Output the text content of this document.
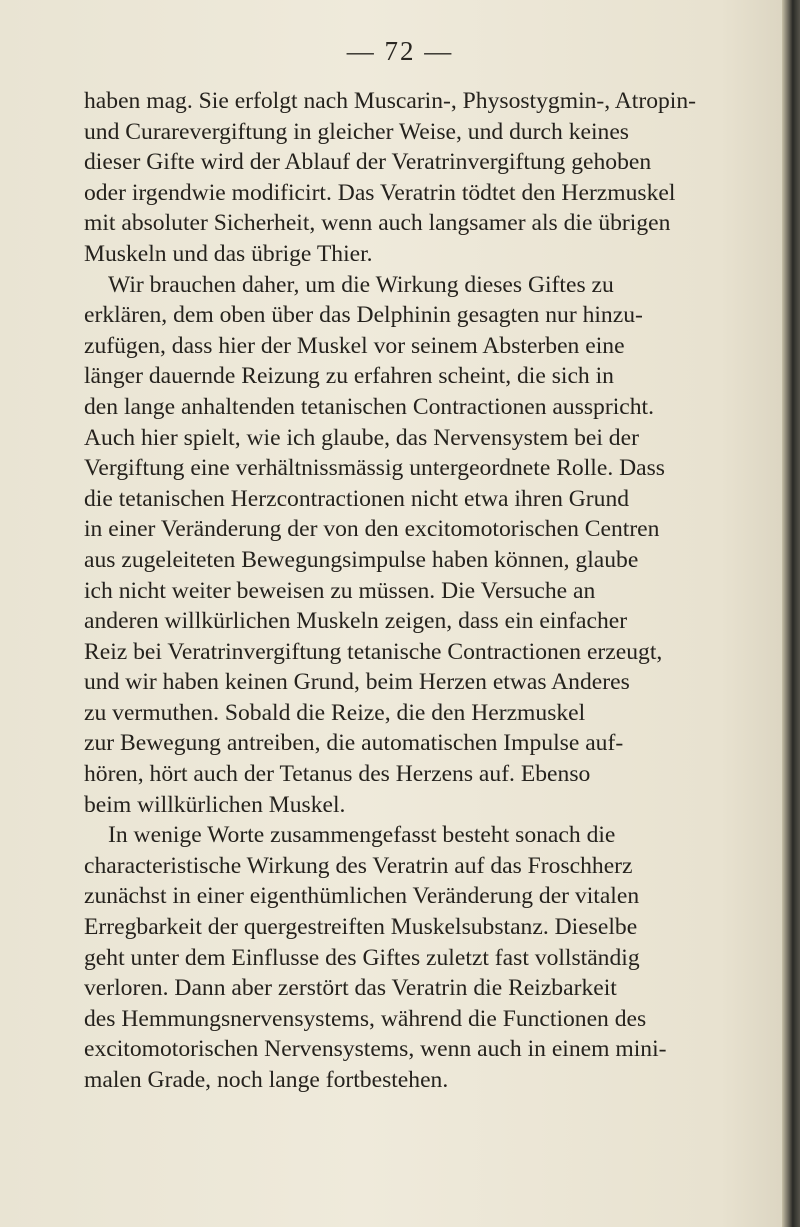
— 72 —
haben mag. Sie erfolgt nach Muscarin-, Physostygmin-, Atropin-
und Curarevergiftung in gleicher Weise, und durch keines
dieser Gifte wird der Ablauf der Veratrinvergiftung gehoben
oder irgendwie modificirt. Das Veratrin tödtet den Herzmuskel
mit absoluter Sicherheit, wenn auch langsamer als die übrigen
Muskeln und das übrige Thier.
Wir brauchen daher, um die Wirkung dieses Giftes zu
erklären, dem oben über das Delphinin gesagten nur hinzu-
zufügen, dass hier der Muskel vor seinem Absterben eine
länger dauernde Reizung zu erfahren scheint, die sich in
den lange anhaltenden tetanischen Contractionen ausspricht.
Auch hier spielt, wie ich glaube, das Nervensystem bei der
Vergiftung eine verhältnissmässig untergeordnete Rolle. Dass
die tetanischen Herzcontractionen nicht etwa ihren Grund
in einer Veränderung der von den excitomotorischen Centren
aus zugeleiteten Bewegungsimpulse haben können, glaube
ich nicht weiter beweisen zu müssen. Die Versuche an
anderen willkürlichen Muskeln zeigen, dass ein einfacher
Reiz bei Veratrinvergiftung tetanische Contractionen erzeugt,
und wir haben keinen Grund, beim Herzen etwas Anderes
zu vermuthen. Sobald die Reize, die den Herzmuskel
zur Bewegung antreiben, die automatischen Impulse auf-
hören, hört auch der Tetanus des Herzens auf. Ebenso
beim willkürlichen Muskel.
In wenige Worte zusammengefasst besteht sonach die
characteristische Wirkung des Veratrin auf das Froschherz
zunächst in einer eigenthümlichen Veränderung der vitalen
Erregbarkeit der quergestreiften Muskelsubstanz. Dieselbe
geht unter dem Einflusse des Giftes zuletzt fast vollständig
verloren. Dann aber zerstört das Veratrin die Reizbarkeit
des Hemmungsnervensystems, während die Functionen des
excitomotorischen Nervensystems, wenn auch in einem mini-
malen Grade, noch lange fortbestehen.
